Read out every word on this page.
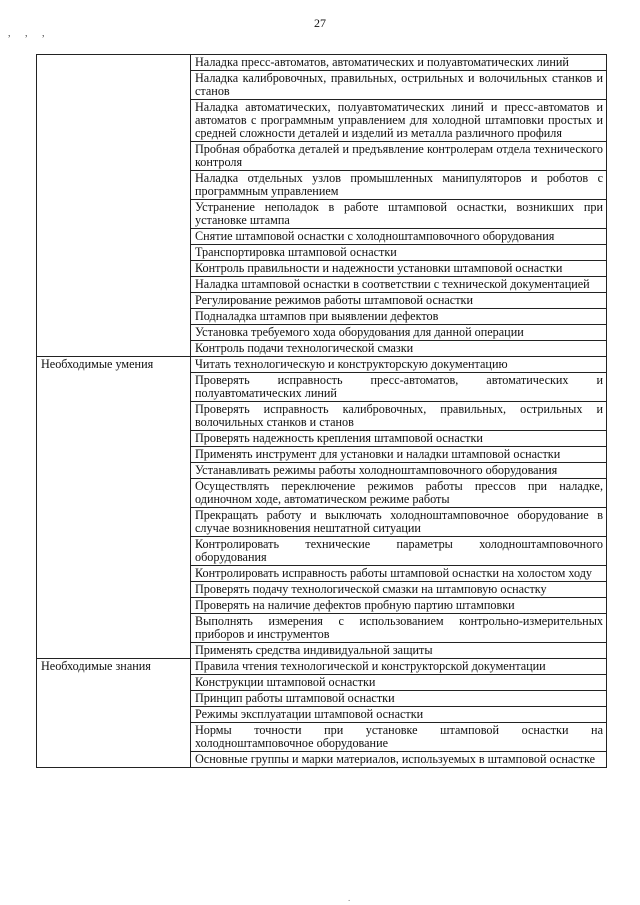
27
, , ,
	Наладка пресс-автоматов, автоматических и полуавтоматических линий
	Наладка калибровочных, правильных, острильных и волочильных станков и станов
	Наладка автоматических, полуавтоматических линий и пресс-автоматов и автоматов с программным управлением для холодной штамповки простых и средней сложности деталей и изделий из металла различного профиля
	Пробная обработка деталей и предъявление контролерам отдела технического контроля
	Наладка отдельных узлов промышленных манипуляторов и роботов с программным управлением
	Устранение неполадок в работе штамповой оснастки, возникших при установке штампа
	Снятие штамповой оснастки с холодноштамповочного оборудования
	Транспортировка штамповой оснастки
	Контроль правильности и надежности установки штамповой оснастки
	Наладка штамповой оснастки в соответствии с технической документацией
	Регулирование режимов работы штамповой оснастки
	Подналадка штампов при выявлении дефектов
	Установка требуемого хода оборудования для данной операции
	Контроль подачи технологической смазки
Необходимые умения	Читать технологическую и конструкторскую документацию
	Проверять исправность пресс-автоматов, автоматических и полуавтоматических линий
	Проверять исправность калибровочных, правильных, острильных и волочильных станков и станов
	Проверять надежность крепления штамповой оснастки
	Применять инструмент для установки и наладки штамповой оснастки
	Устанавливать режимы работы холодноштамповочного оборудования
	Осуществлять переключение режимов работы прессов при наладке, одиночном ходе, автоматическом режиме работы
	Прекращать работу и выключать холодноштамповочное оборудование в случае возникновения нештатной ситуации
	Контролировать технические параметры холодноштамповочного оборудования
	Контролировать исправность работы штамповой оснастки на холостом ходу
	Проверять подачу технологической смазки на штамповую оснастку
	Проверять на наличие дефектов пробную партию штамповки
	Выполнять измерения с использованием контрольно-измерительных приборов и инструментов
	Применять средства индивидуальной защиты
Необходимые знания	Правила чтения технологической и конструкторской документации
	Конструкции штамповой оснастки
	Принцип работы штамповой оснастки
	Режимы эксплуатации штамповой оснастки
	Нормы точности при установке штамповой оснастки на холодноштамповочное оборудование
	Основные группы и марки материалов, используемых в штамповой оснастке
.
